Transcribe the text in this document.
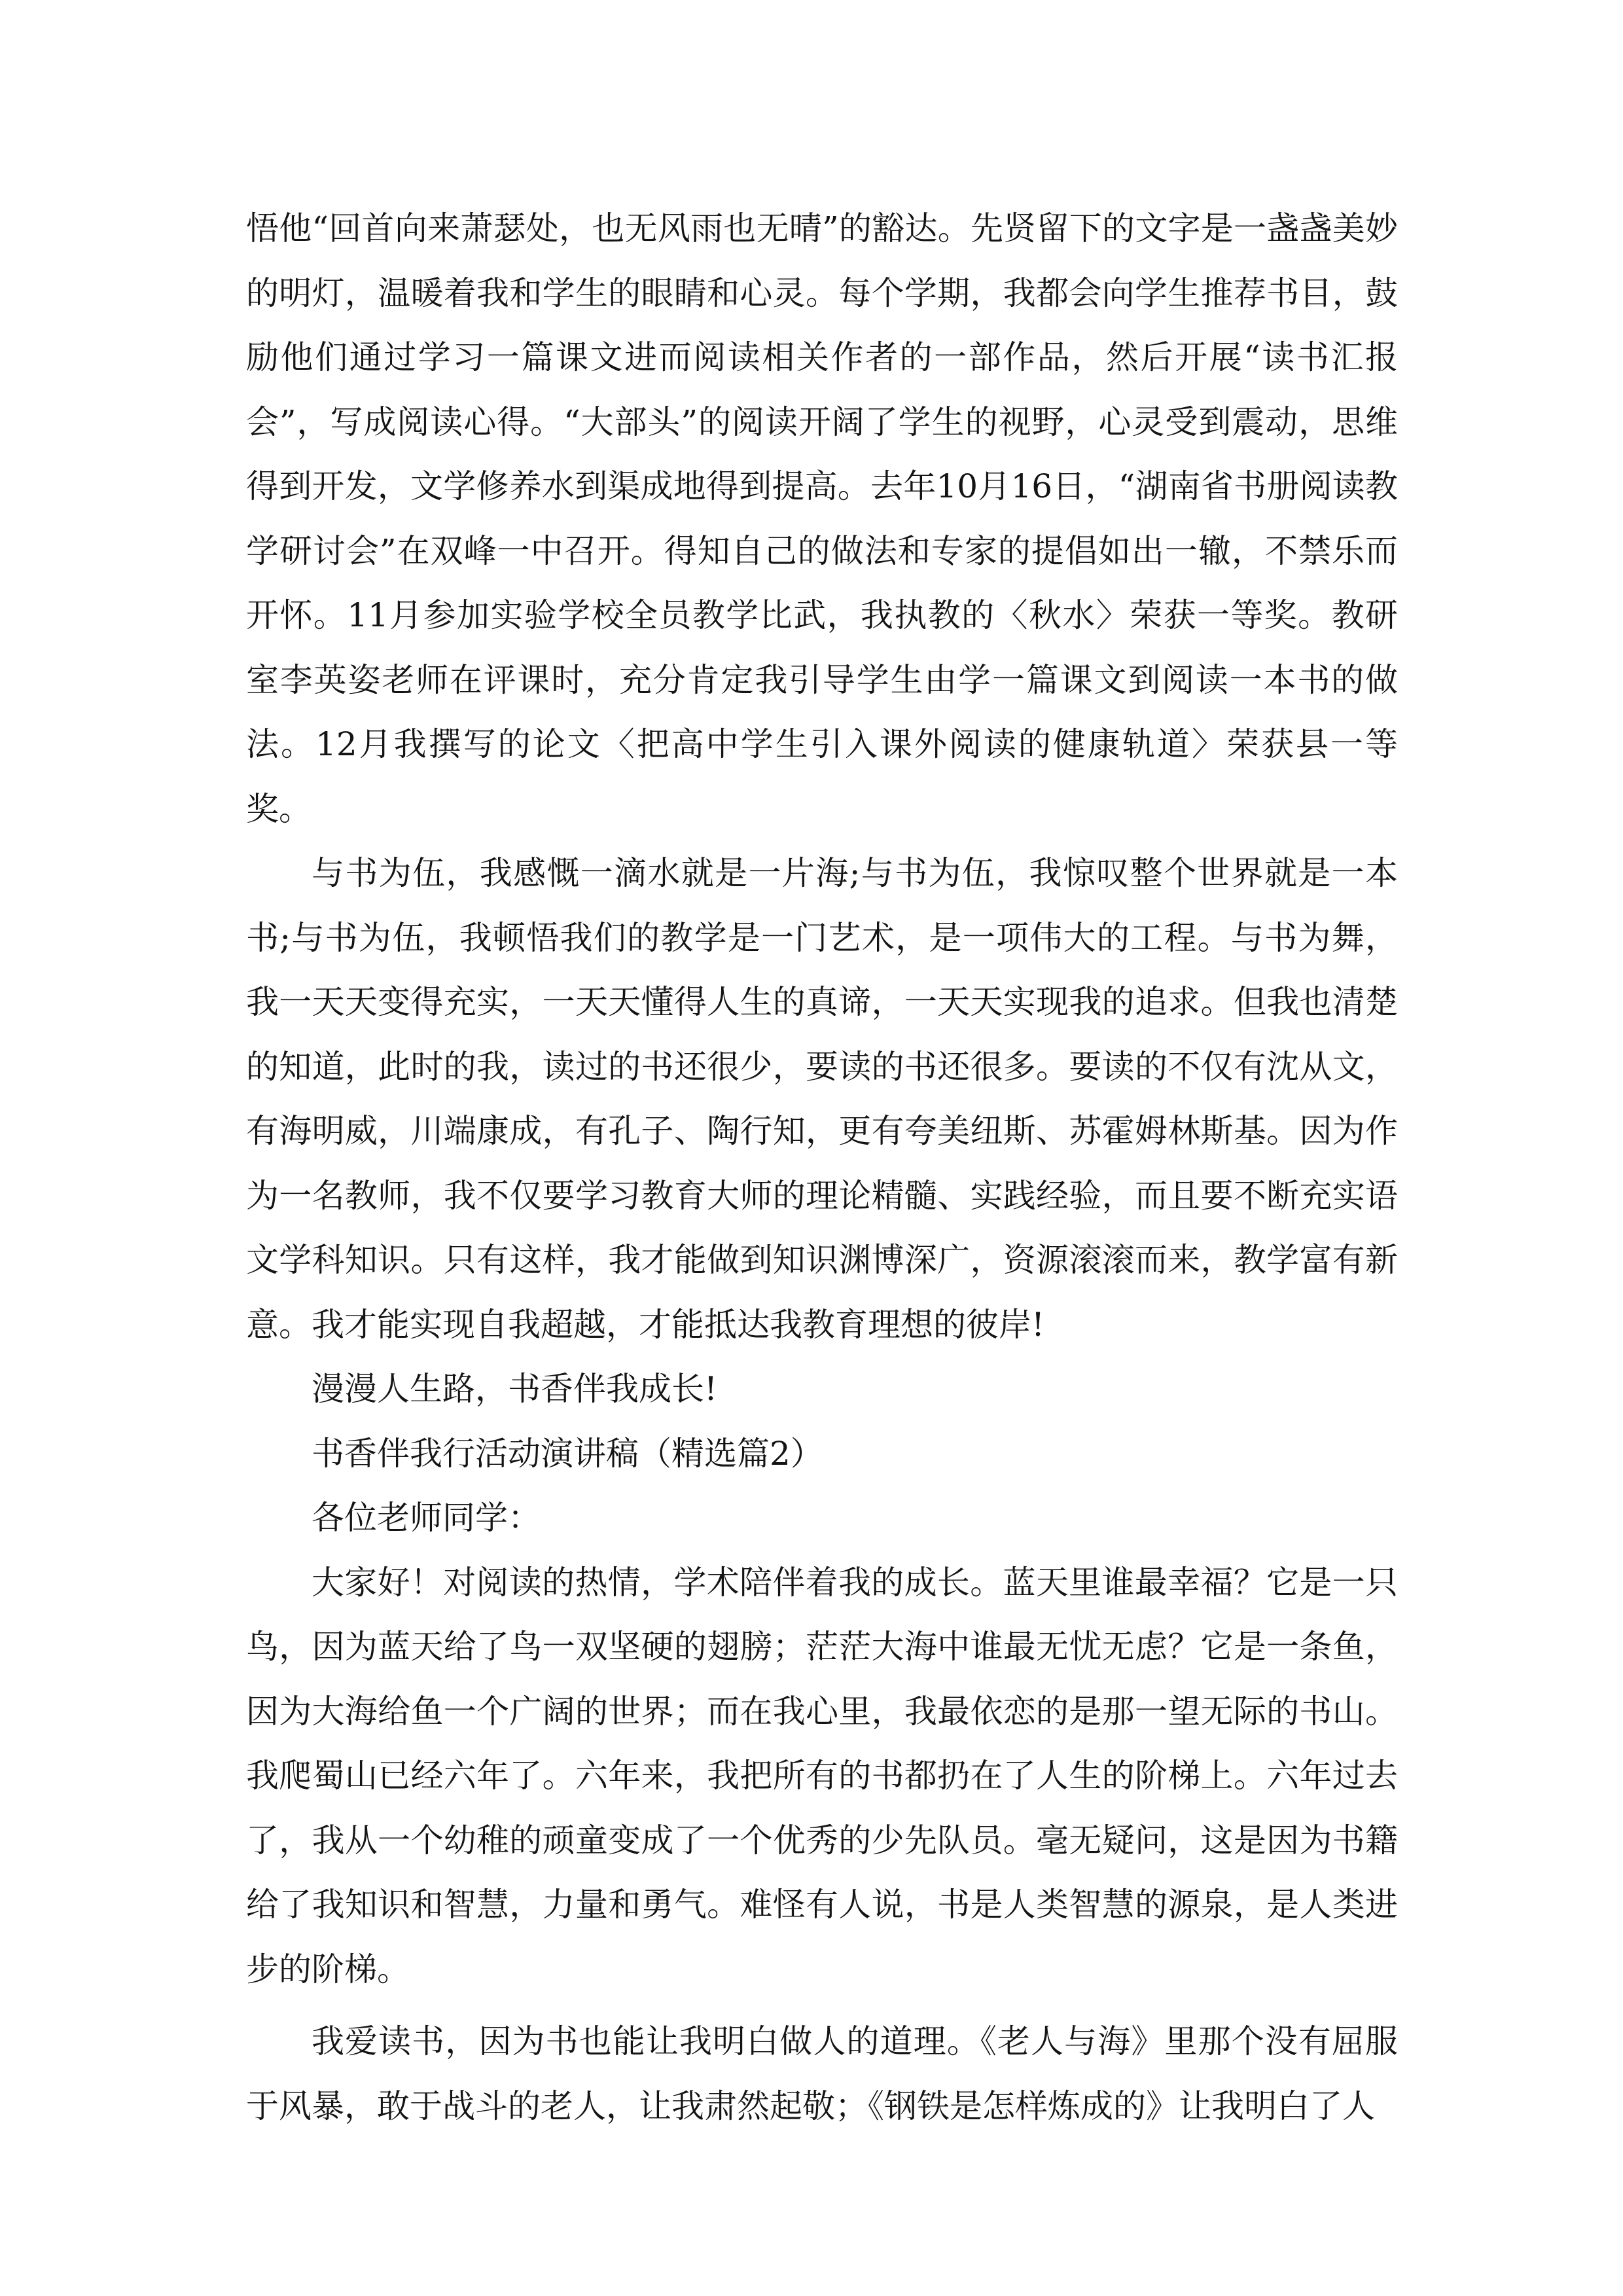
悟他“回首向来萧瑟处，也无风雨也无晴”的豁达。先贤留下的文字是一盏盏美妙的明灯，温暖着我和学生的眼睛和心灵。每个学期，我都会向学生推荐书目，鼓励他们通过学习一篇课文进而阅读相关作者的一部作品，然后开展“读书汇报会”，写成阅读心得。“大部头”的阅读开阔了学生的视野，心灵受到震动，思维得到开发，文学修养水到渠成地得到提高。去年10月16日，“湖南省书册阅读教学研讨会”在双峰一中召开。得知自己的做法和专家的提倡如出一辙，不禁乐而开怀。11月参加实验学校全员教学比武，我执教的〈秋水〉荣获一等奖。教研室李英姿老师在评课时，充分肯定我引导学生由学一篇课文到阅读一本书的做法。12月我撰写的论文〈把高中学生引入课外阅读的健康轨道〉荣获县一等奖。

与书为伍，我感慨一滴水就是一片海;与书为伍，我惊叹整个世界就是一本书;与书为伍，我顿悟我们的教学是一门艺术，是一项伟大的工程。与书为舞，我一天天变得充实，一天天懂得人生的真谛，一天天实现我的追求。但我也清楚的知道，此时的我，读过的书还很少，要读的书还很多。要读的不仅有沈从文，有海明威，川端康成，有孔子、陶行知，更有夸美纽斯、苏霍姆林斯基。因为作为一名教师，我不仅要学习教育大师的理论精髓、实践经验，而且要不断充实语文学科知识。只有这样，我才能做到知识渊博深广，资源滚滚而来，教学富有新意。我才能实现自我超越，才能抵达我教育理想的彼岸!

漫漫人生路，书香伴我成长!

书香伴我行活动演讲稿（精选篇2）

各位老师同学：

大家好！对阅读的热情，学术陪伴着我的成长。蓝天里谁最幸福？它是一只鸟，因为蓝天给了鸟一双坚硬的翅膀；茫茫大海中谁最无忧无虑？它是一条鱼，因为大海给鱼一个广阔的世界；而在我心里，我最依恋的是那一望无际的书山。我爬蜀山已经六年了。六年来，我把所有的书都扔在了人生的阶梯上。六年过去了，我从一个幼稚的顽童变成了一个优秀的少先队员。毫无疑问，这是因为书籍给了我知识和智慧，力量和勇气。难怪有人说，书是人类智慧的源泉，是人类进步的阶梯。

我爱读书，因为书也能让我明白做人的道理。《老人与海》里那个没有屈服于风暴，敢于战斗的老人，让我肃然起敬；《钢铁是怎样炼成的》让我明白了人
